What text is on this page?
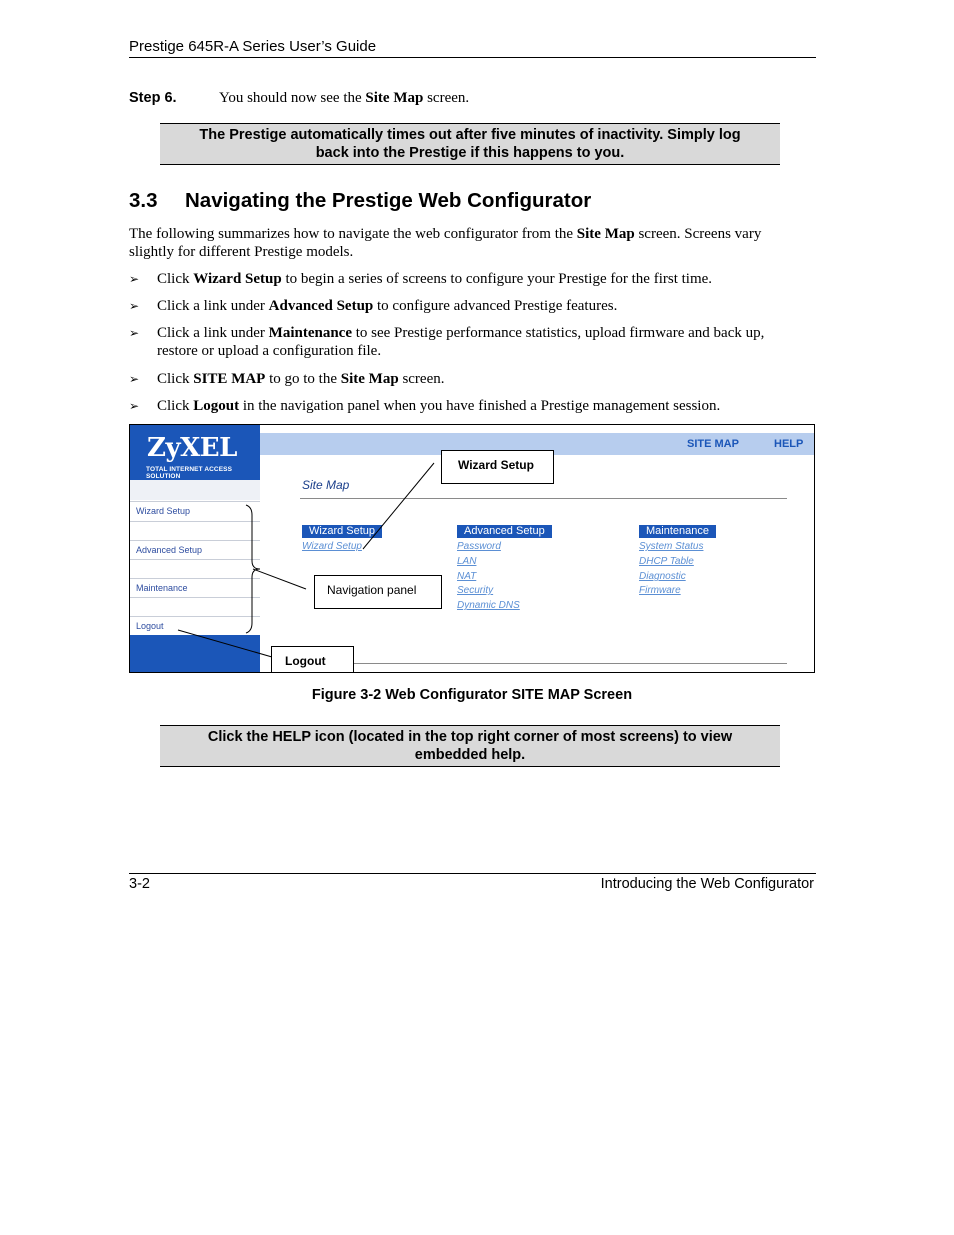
Prestige 645R-A Series User’s Guide
Step 6.	You should now see the Site Map screen.
The Prestige automatically times out after five minutes of inactivity. Simply log
back into the Prestige if this happens to you.
3.3 Navigating the Prestige Web Configurator
The following summarizes how to navigate the web configurator from the Site Map screen. Screens vary slightly for different Prestige models.
➢ Click Wizard Setup to begin a series of screens to configure your Prestige for the first time.
➢ Click a link under Advanced Setup to configure advanced Prestige features.
➢ Click a link under Maintenance to see Prestige performance statistics, upload firmware and back up, restore or upload a configuration file.
➢ Click SITE MAP to go to the Site Map screen.
➢ Click Logout in the navigation panel when you have finished a Prestige management session.
ZyXEL
TOTAL INTERNET ACCESS SOLUTION
Wizard Setup
Advanced Setup
Maintenance
Logout
SITE MAP	HELP
Site Map
Wizard Setup
Wizard Setup
Advanced Setup
Password
LAN
NAT
Security
Dynamic DNS
Maintenance
System Status
DHCP Table
Diagnostic
Firmware
Wizard Setup
Navigation panel
Logout
Figure 3-2 Web Configurator SITE MAP Screen
Click the HELP icon (located in the top right corner of most screens) to view
embedded help.
3-2	Introducing the Web Configurator
